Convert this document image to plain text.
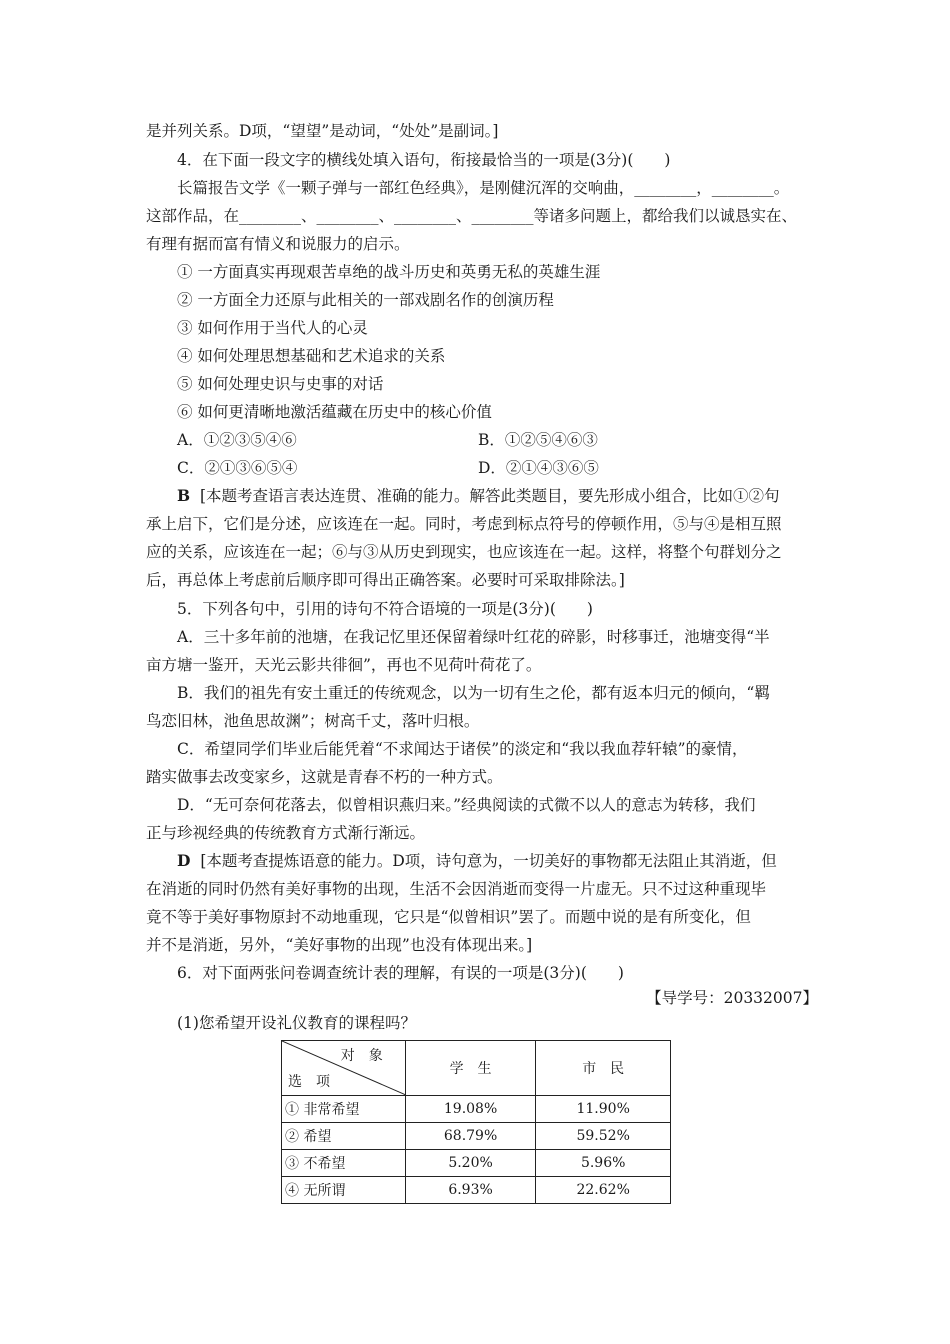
是并列关系。D项，“望望”是动词，“处处”是副词。]
4．在下面一段文字的横线处填入语句，衔接最恰当的一项是(3分)(　　)
长篇报告文学《一颗子弹与一部红色经典》，是刚健沉浑的交响曲，________，________。
这部作品，在________、________、________、________等诸多问题上，都给我们以诚恳实在、
有理有据而富有情义和说服力的启示。
① 一方面真实再现艰苦卓绝的战斗历史和英勇无私的英雄生涯
② 一方面全力还原与此相关的一部戏剧名作的创演历程
③ 如何作用于当代人的心灵
④ 如何处理思想基础和艺术追求的关系
⑤ 如何处理史识与史事的对话
⑥ 如何更清晰地激活蕴藏在历史中的核心价值
A．①②③⑤④⑥	B．①②⑤④⑥③
C．②①③⑥⑤④	D．②①④③⑥⑤
B [本题考查语言表达连贯、准确的能力。解答此类题目，要先形成小组合，比如①②句
承上启下，它们是分述，应该连在一起。同时，考虑到标点符号的停顿作用，⑤与④是相互照
应的关系，应该连在一起；⑥与③从历史到现实，也应该连在一起。这样，将整个句群划分之
后，再总体上考虑前后顺序即可得出正确答案。必要时可采取排除法。]
5．下列各句中，引用的诗句不符合语境的一项是(3分)(　　)
A．三十多年前的池塘，在我记忆里还保留着绿叶红花的碎影，时移事迁，池塘变得“半
亩方塘一鉴开，天光云影共徘徊”，再也不见荷叶荷花了。
B．我们的祖先有安土重迁的传统观念，以为一切有生之伦，都有返本归元的倾向，“羁
鸟恋旧林，池鱼思故渊”；树高千丈，落叶归根。
C．希望同学们毕业后能凭着“不求闻达于诸侯”的淡定和“我以我血荐轩辕”的豪情，
踏实做事去改变家乡，这就是青春不朽的一种方式。
D．“无可奈何花落去，似曾相识燕归来。”经典阅读的式微不以人的意志为转移，我们
正与珍视经典的传统教育方式渐行渐远。
D [本题考查提炼语意的能力。D项，诗句意为，一切美好的事物都无法阻止其消逝，但
在消逝的同时仍然有美好事物的出现，生活不会因消逝而变得一片虚无。只不过这种重现毕
竟不等于美好事物原封不动地重现，它只是“似曾相识”罢了。而题中说的是有所变化，但
并不是消逝，另外，“美好事物的出现”也没有体现出来。]
6．对下面两张问卷调查统计表的理解，有误的一项是(3分)(　　)
【导学号：20332007】
(1)您希望开设礼仪教育的课程吗？
对　象
选　项	学　生	市　民
① 非常希望	19.08%	11.90%
② 希望	68.79%	59.52%
③ 不希望	5.20%	5.96%
④ 无所谓	6.93%	22.62%
